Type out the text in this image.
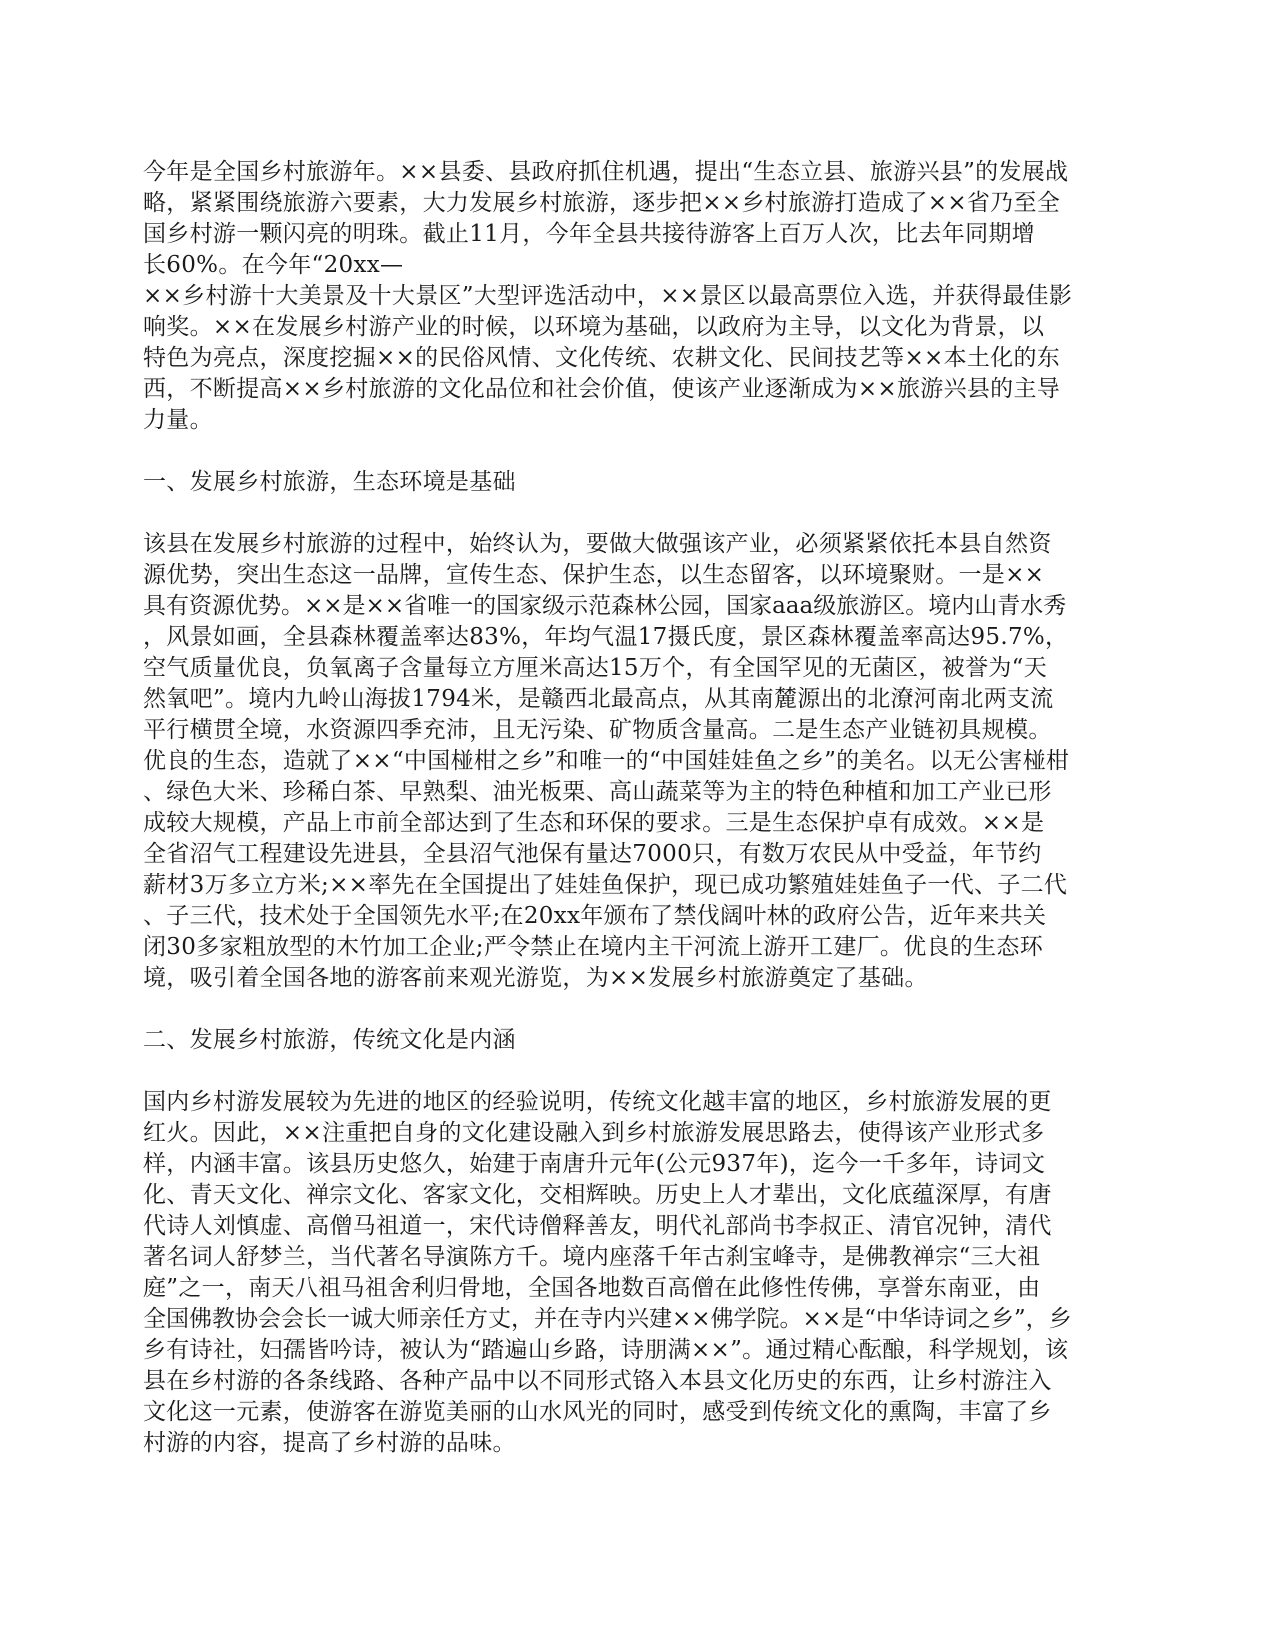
今年是全国乡村旅游年。××县委、县政府抓住机遇，提出“生态立县、旅游兴县”的发展战
略，紧紧围绕旅游六要素，大力发展乡村旅游，逐步把××乡村旅游打造成了××省乃至全
国乡村游一颗闪亮的明珠。截止11月，今年全县共接待游客上百万人次，比去年同期增
长60%。在今年“20xx—
××乡村游十大美景及十大景区”大型评选活动中，××景区以最高票位入选，并获得最佳影
响奖。××在发展乡村游产业的时候，以环境为基础，以政府为主导，以文化为背景，以
特色为亮点，深度挖掘××的民俗风情、文化传统、农耕文化、民间技艺等××本土化的东
西，不断提高××乡村旅游的文化品位和社会价值，使该产业逐渐成为××旅游兴县的主导
力量。
一、发展乡村旅游，生态环境是基础
该县在发展乡村旅游的过程中，始终认为，要做大做强该产业，必须紧紧依托本县自然资
源优势，突出生态这一品牌，宣传生态、保护生态，以生态留客，以环境聚财。一是××
具有资源优势。××是××省唯一的国家级示范森林公园，国家aaa级旅游区。境内山青水秀
，风景如画，全县森林覆盖率达83%，年均气温17摄氏度，景区森林覆盖率高达95.7%，
空气质量优良，负氧离子含量每立方厘米高达15万个，有全国罕见的无菌区，被誉为“天
然氧吧”。境内九岭山海拔1794米，是赣西北最高点，从其南麓源出的北潦河南北两支流
平行横贯全境，水资源四季充沛，且无污染、矿物质含量高。二是生态产业链初具规模。
优良的生态，造就了××“中国椪柑之乡”和唯一的“中国娃娃鱼之乡”的美名。以无公害椪柑
、绿色大米、珍稀白茶、早熟梨、油光板栗、高山蔬菜等为主的特色种植和加工产业已形
成较大规模，产品上市前全部达到了生态和环保的要求。三是生态保护卓有成效。××是
全省沼气工程建设先进县，全县沼气池保有量达7000只，有数万农民从中受益，年节约
薪材3万多立方米;××率先在全国提出了娃娃鱼保护，现已成功繁殖娃娃鱼子一代、子二代
、子三代，技术处于全国领先水平;在20xx年颁布了禁伐阔叶林的政府公告，近年来共关
闭30多家粗放型的木竹加工企业;严令禁止在境内主干河流上游开工建厂。优良的生态环
境，吸引着全国各地的游客前来观光游览，为××发展乡村旅游奠定了基础。
二、发展乡村旅游，传统文化是内涵
国内乡村游发展较为先进的地区的经验说明，传统文化越丰富的地区，乡村旅游发展的更
红火。因此，××注重把自身的文化建设融入到乡村旅游发展思路去，使得该产业形式多
样，内涵丰富。该县历史悠久，始建于南唐升元年(公元937年)，迄今一千多年，诗词文
化、青天文化、禅宗文化、客家文化，交相辉映。历史上人才辈出，文化底蕴深厚，有唐
代诗人刘慎虚、高僧马祖道一，宋代诗僧释善友，明代礼部尚书李叔正、清官况钟，清代
著名词人舒梦兰，当代著名导演陈方千。境内座落千年古刹宝峰寺，是佛教禅宗“三大祖
庭”之一，南天八祖马祖舍利归骨地，全国各地数百高僧在此修性传佛，享誉东南亚，由
全国佛教协会会长一诚大师亲任方丈，并在寺内兴建××佛学院。××是“中华诗词之乡”，乡
乡有诗社，妇孺皆吟诗，被认为“踏遍山乡路，诗朋满××”。通过精心酝酿，科学规划，该
县在乡村游的各条线路、各种产品中以不同形式铬入本县文化历史的东西，让乡村游注入
文化这一元素，使游客在游览美丽的山水风光的同时，感受到传统文化的熏陶，丰富了乡
村游的内容，提高了乡村游的品味。
